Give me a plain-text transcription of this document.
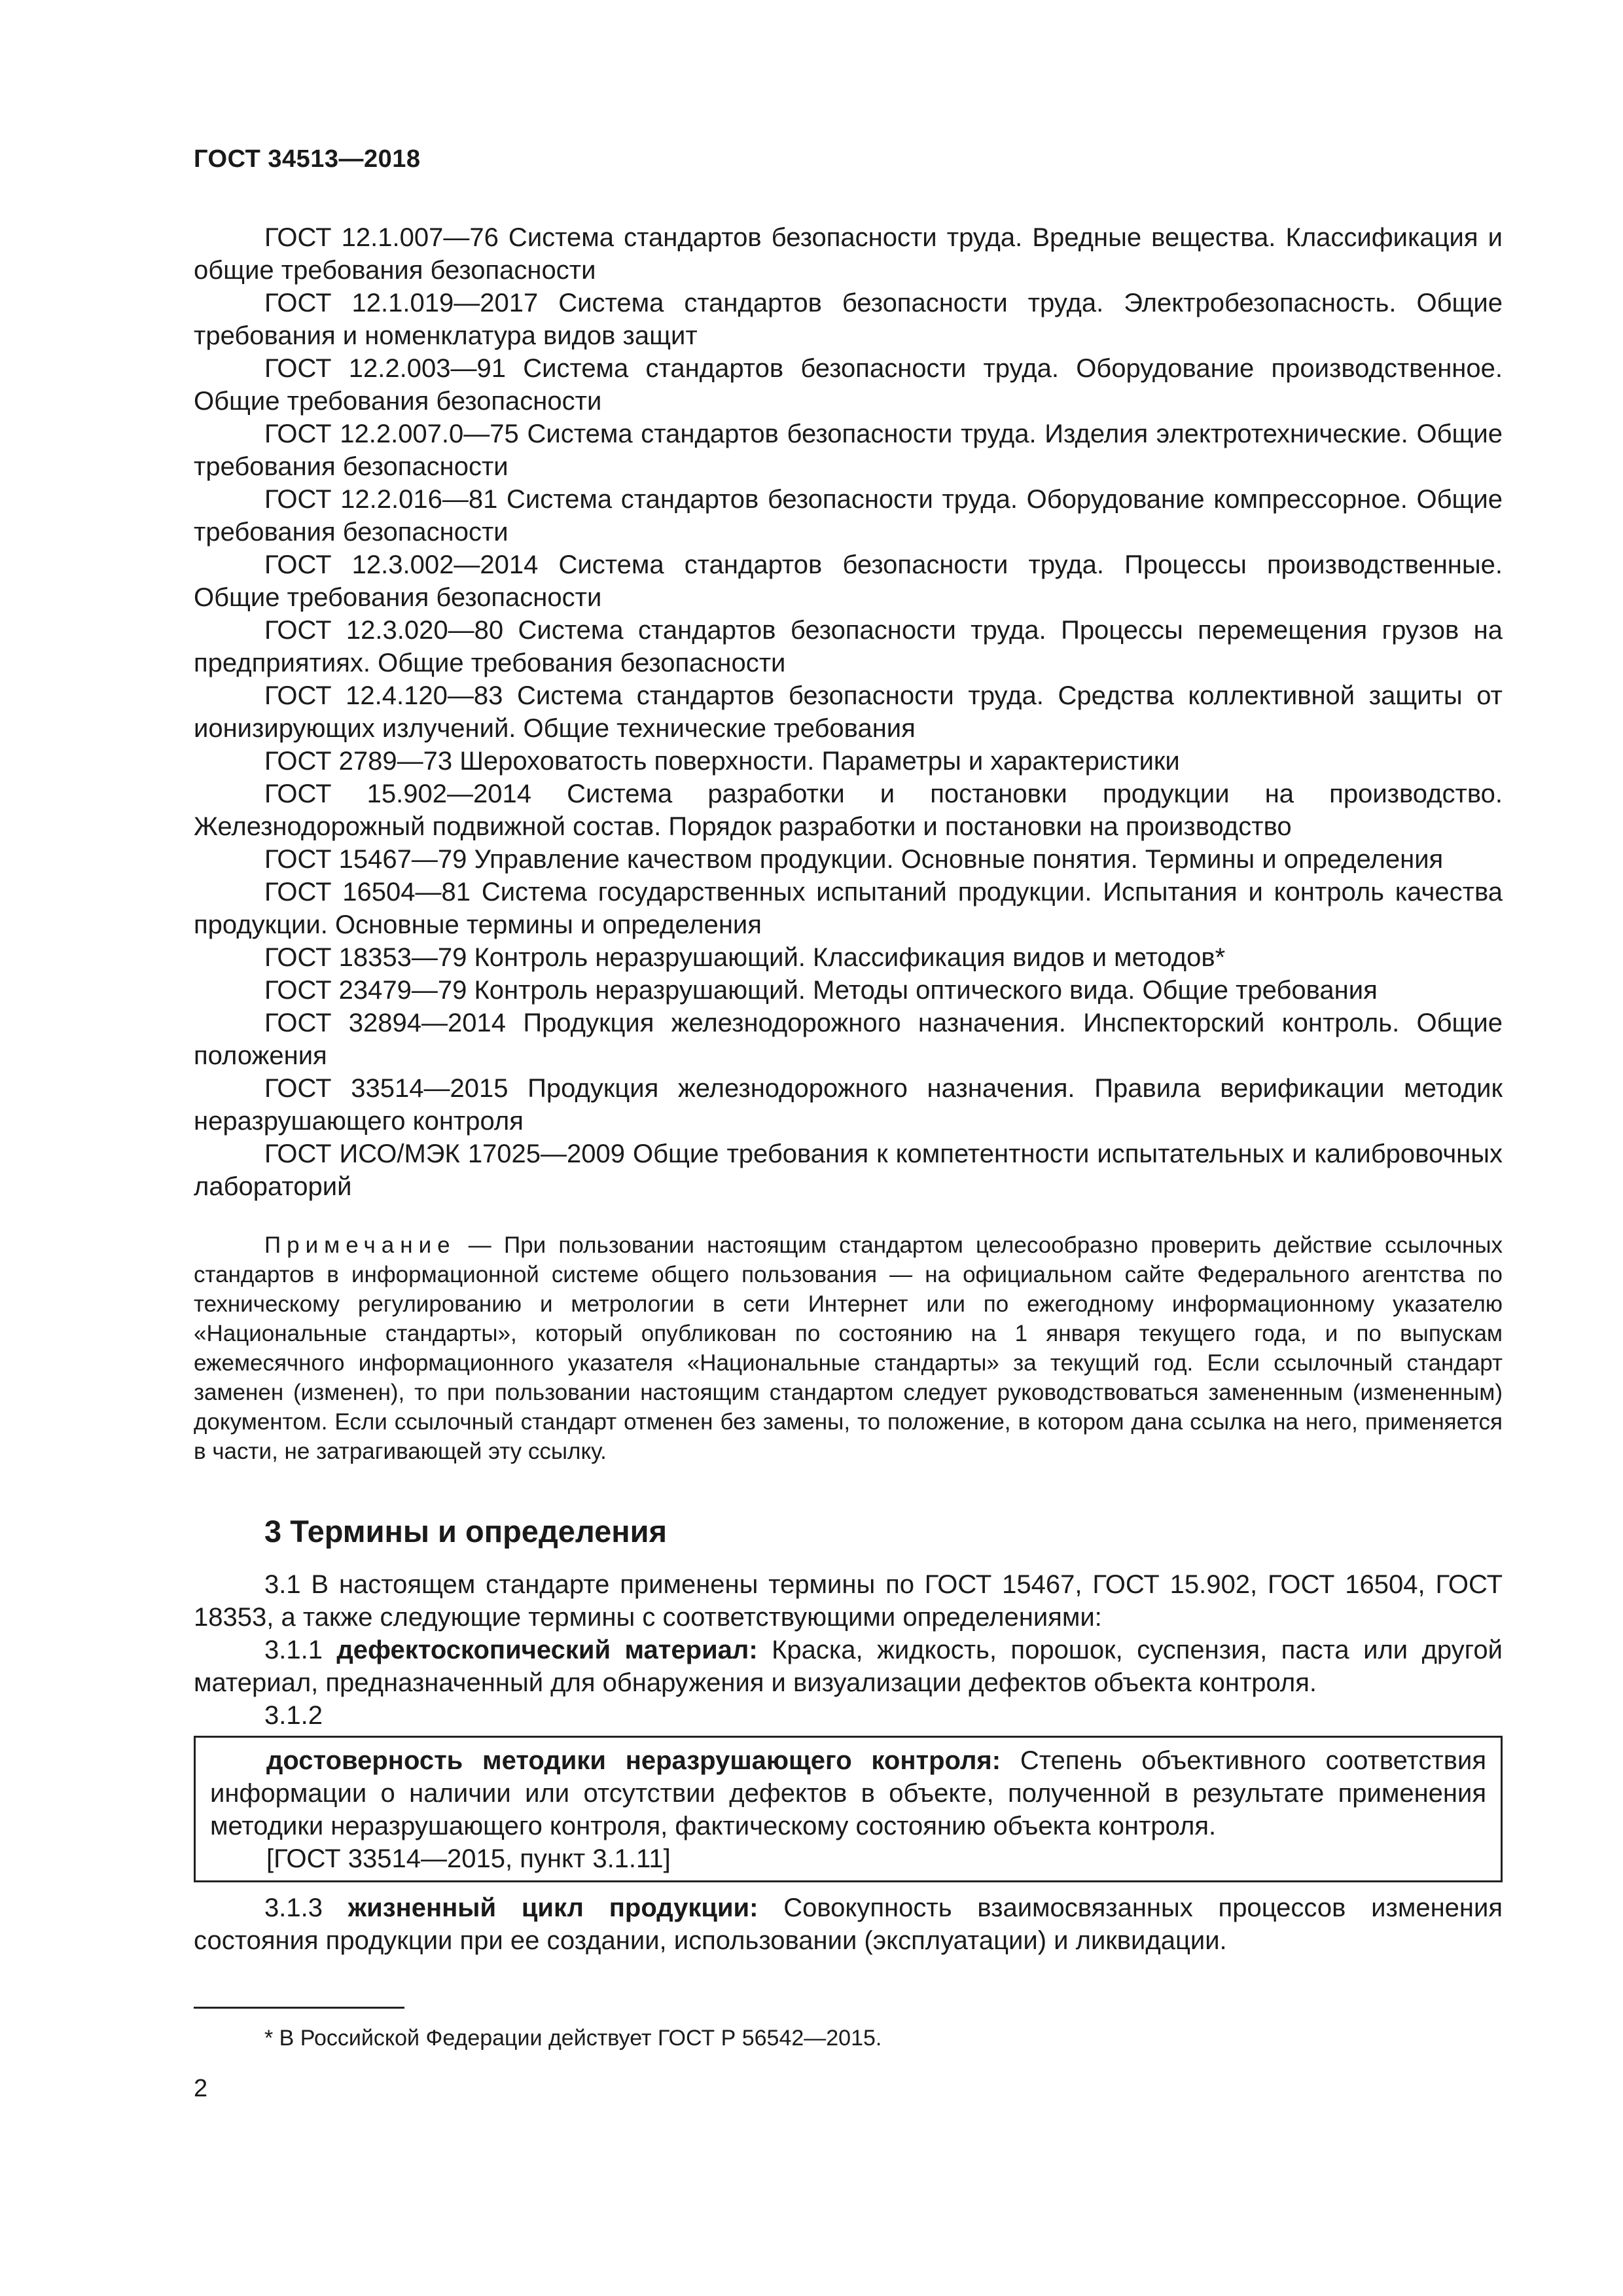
ГОСТ 34513—2018

ГОСТ 12.1.007—76 Система стандартов безопасности труда. Вредные вещества. Классификация и общие требования безопасности

ГОСТ 12.1.019—2017 Система стандартов безопасности труда. Электробезопасность. Общие требования и номенклатура видов защит

ГОСТ 12.2.003—91 Система стандартов безопасности труда. Оборудование производственное. Общие требования безопасности

ГОСТ 12.2.007.0—75 Система стандартов безопасности труда. Изделия электротехнические. Общие требования безопасности

ГОСТ 12.2.016—81 Система стандартов безопасности труда. Оборудование компрессорное. Общие требования безопасности

ГОСТ 12.3.002—2014 Система стандартов безопасности труда. Процессы производственные. Общие требования безопасности

ГОСТ 12.3.020—80 Система стандартов безопасности труда. Процессы перемещения грузов на предприятиях. Общие требования безопасности

ГОСТ 12.4.120—83 Система стандартов безопасности труда. Средства коллективной защиты от ионизирующих излучений. Общие технические требования

ГОСТ 2789—73 Шероховатость поверхности. Параметры и характеристики

ГОСТ 15.902—2014 Система разработки и постановки продукции на производство. Железнодорожный подвижной состав. Порядок разработки и постановки на производство

ГОСТ 15467—79 Управление качеством продукции. Основные понятия. Термины и определения

ГОСТ 16504—81 Система государственных испытаний продукции. Испытания и контроль качества продукции. Основные термины и определения

ГОСТ 18353—79 Контроль неразрушающий. Классификация видов и методов*

ГОСТ 23479—79 Контроль неразрушающий. Методы оптического вида. Общие требования

ГОСТ 32894—2014 Продукция железнодорожного назначения. Инспекторский контроль. Общие положения

ГОСТ 33514—2015 Продукция железнодорожного назначения. Правила верификации методик неразрушающего контроля

ГОСТ ИСО/МЭК 17025—2009 Общие требования к компетентности испытательных и калибровочных лабораторий

Примечание — При пользовании настоящим стандартом целесообразно проверить действие ссылочных стандартов в информационной системе общего пользования — на официальном сайте Федерального агентства по техническому регулированию и метрологии в сети Интернет или по ежегодному информационному указателю «Национальные стандарты», который опубликован по состоянию на 1 января текущего года, и по выпускам ежемесячного информационного указателя «Национальные стандарты» за текущий год. Если ссылочный стандарт заменен (изменен), то при пользовании настоящим стандартом следует руководствоваться замененным (измененным) документом. Если ссылочный стандарт отменен без замены, то положение, в котором дана ссылка на него, применяется в части, не затрагивающей эту ссылку.
3 Термины и определения

3.1 В настоящем стандарте применены термины по ГОСТ 15467, ГОСТ 15.902, ГОСТ 16504, ГОСТ 18353, а также следующие термины с соответствующими определениями:

3.1.1 дефектоскопический материал: Краска, жидкость, порошок, суспензия, паста или другой материал, предназначенный для обнаружения и визуализации дефектов объекта контроля.

3.1.2

достоверность методики неразрушающего контроля: Степень объективного соответствия информации о наличии или отсутствии дефектов в объекте, полученной в результате применения методики неразрушающего контроля, фактическому состоянию объекта контроля.

[ГОСТ 33514—2015, пункт 3.1.11]

3.1.3 жизненный цикл продукции: Совокупность взаимосвязанных процессов изменения состояния продукции при ее создании, использовании (эксплуатации) и ликвидации.

* В Российской Федерации действует ГОСТ Р 56542—2015.
2
